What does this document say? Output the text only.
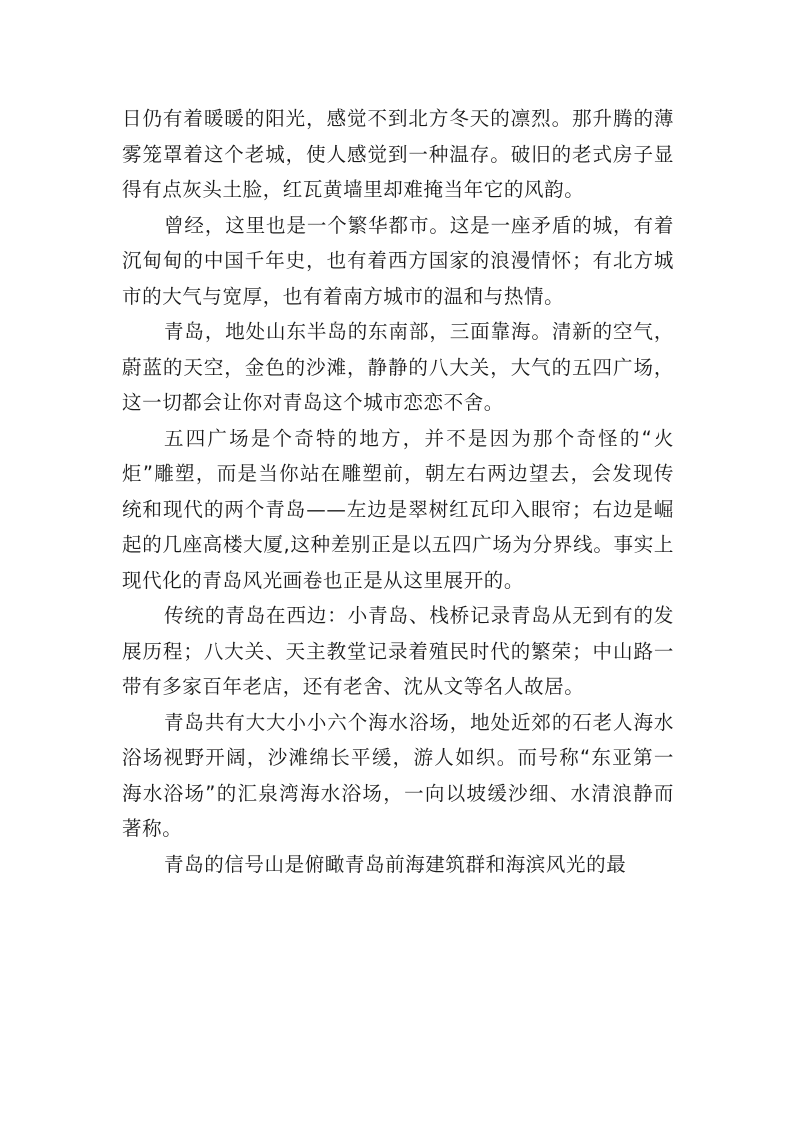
日仍有着暖暖的阳光，感觉不到北方冬天的凛烈。那升腾的薄雾笼罩着这个老城，使人感觉到一种温存。破旧的老式房子显得有点灰头土脸，红瓦黄墙里却难掩当年它的风韵。

曾经，这里也是一个繁华都市。这是一座矛盾的城，有着沉甸甸的中国千年史，也有着西方国家的浪漫情怀；有北方城市的大气与宽厚，也有着南方城市的温和与热情。

青岛，地处山东半岛的东南部，三面靠海。清新的空气，蔚蓝的天空，金色的沙滩，静静的八大关，大气的五四广场，这一切都会让你对青岛这个城市恋恋不舍。

五四广场是个奇特的地方，并不是因为那个奇怪的“火炬”雕塑，而是当你站在雕塑前，朝左右两边望去，会发现传统和现代的两个青岛——左边是翠树红瓦印入眼帘；右边是崛起的几座高楼大厦,这种差别正是以五四广场为分界线。事实上现代化的青岛风光画卷也正是从这里展开的。

传统的青岛在西边：小青岛、栈桥记录青岛从无到有的发展历程；八大关、天主教堂记录着殖民时代的繁荣；中山路一带有多家百年老店，还有老舍、沈从文等名人故居。

青岛共有大大小小六个海水浴场，地处近郊的石老人海水浴场视野开阔，沙滩绵长平缓，游人如织。而号称“东亚第一海水浴场”的汇泉湾海水浴场，一向以坡缓沙细、水清浪静而著称。

青岛的信号山是俯瞰青岛前海建筑群和海滨风光的最
